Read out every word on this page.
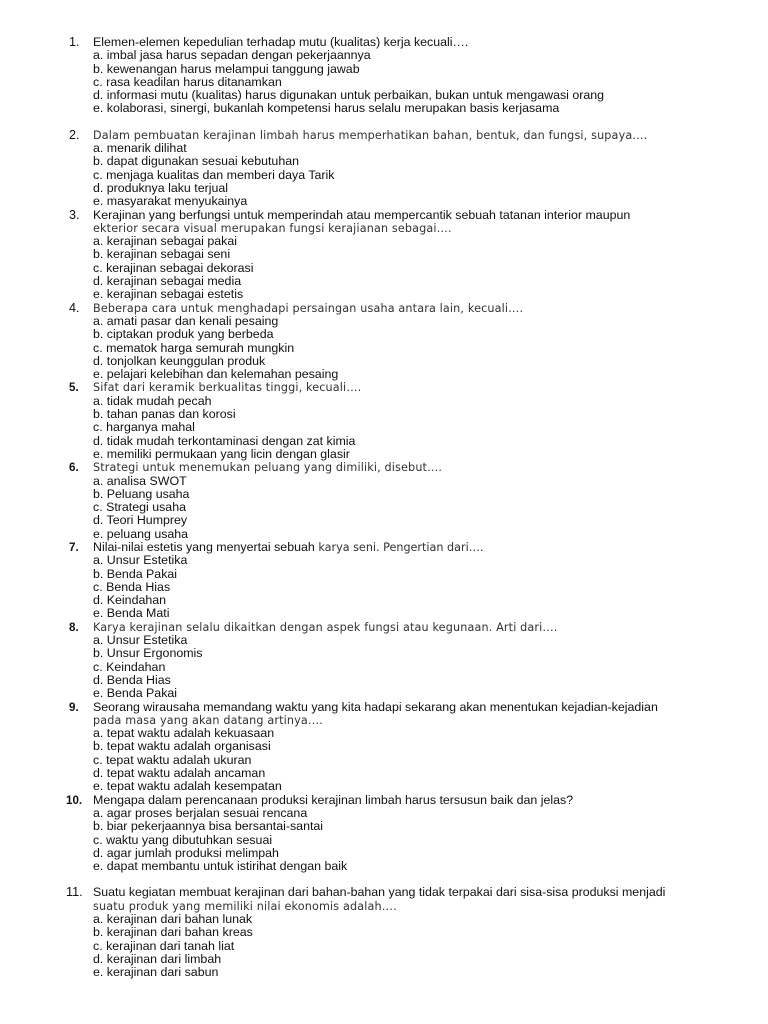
1. Elemen-elemen kepedulian terhadap mutu (kualitas) kerja kecuali….
a. imbal jasa harus sepadan dengan pekerjaannya
b. kewenangan harus melampui tanggung jawab
c. rasa keadilan harus ditanamkan
d. informasi mutu (kualitas) harus digunakan untuk perbaikan, bukan untuk mengawasi orang
e. kolaborasi, sinergi, bukanlah kompetensi harus selalu merupakan basis kerjasama
2. Dalam pembuatan kerajinan limbah harus memperhatikan bahan, bentuk, dan fungsi, supaya….
a. menarik dilihat
b. dapat digunakan sesuai kebutuhan
c. menjaga kualitas dan memberi daya Tarik
d. produknya laku terjual
e. masyarakat menyukainya
3. Kerajinan yang berfungsi untuk memperindah atau mempercantik sebuah tatanan interior maupun
ekterior secara visual merupakan fungsi kerajianan sebagai….
a. kerajinan sebagai pakai
b. kerajinan sebagai seni
c. kerajinan sebagai dekorasi
d. kerajinan sebagai media
e. kerajinan sebagai estetis
4. Beberapa cara untuk menghadapi persaingan usaha antara lain, kecuali….
a. amati pasar dan kenali pesaing
b. ciptakan produk yang berbeda
c. mematok harga semurah mungkin
d. tonjolkan keunggulan produk
e. pelajari kelebihan dan kelemahan pesaing
5. Sifat dari keramik berkualitas tinggi, kecuali….
a. tidak mudah pecah
b. tahan panas dan korosi
c. harganya mahal
d. tidak mudah terkontaminasi dengan zat kimia
e. memiliki permukaan yang licin dengan glasir
6. Strategi untuk menemukan peluang yang dimiliki, disebut….
a. analisa SWOT
b. Peluang usaha
c. Strategi usaha
d. Teori Humprey
e. peluang usaha
7. Nilai-nilai estetis yang menyertai sebuah karya seni. Pengertian dari….
a. Unsur Estetika
b. Benda Pakai
c. Benda Hias
d. Keindahan
e. Benda Mati
8. Karya kerajinan selalu dikaitkan dengan aspek fungsi atau kegunaan. Arti dari….
a. Unsur Estetika
b. Unsur Ergonomis
c. Keindahan
d. Benda Hias
e. Benda Pakai
9. Seorang wirausaha memandang waktu yang kita hadapi sekarang akan menentukan kejadian-kejadian
pada masa yang akan datang artinya….
a. tepat waktu adalah kekuasaan
b. tepat waktu adalah organisasi
c. tepat waktu adalah ukuran
d. tepat waktu adalah ancaman
e. tepat waktu adalah kesempatan
10. Mengapa dalam perencanaan produksi kerajinan limbah harus tersusun baik dan jelas?
a. agar proses berjalan sesuai rencana
b. biar pekerjaannya bisa bersantai-santai
c. waktu yang dibutuhkan sesuai
d. agar jumlah produksi melimpah
e. dapat membantu untuk istirihat dengan baik
11. Suatu kegiatan membuat kerajinan dari bahan-bahan yang tidak terpakai dari sisa-sisa produksi menjadi
suatu produk yang memiliki nilai ekonomis adalah….
a. kerajinan dari bahan lunak
b. kerajinan dari bahan kreas
c. kerajinan dari tanah liat
d. kerajinan dari limbah
e. kerajinan dari sabun
